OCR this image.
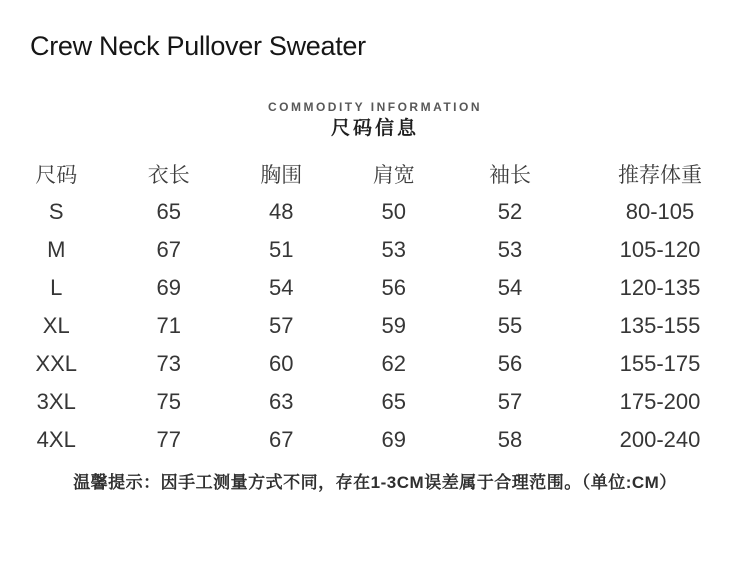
Crew Neck Pullover Sweater
COMMODITY INFORMATION
尺码信息
尺码	衣长	胸围	肩宽	袖长	推荐体重
S	65	48	50	52	80-105
M	67	51	53	53	105-120
L	69	54	56	54	120-135
XL	71	57	59	55	135-155
XXL	73	60	62	56	155-175
3XL	75	63	65	57	175-200
4XL	77	67	69	58	200-240
温馨提示：因手工测量方式不同，存在1-3CM误差属于合理范围。（单位:CM）
